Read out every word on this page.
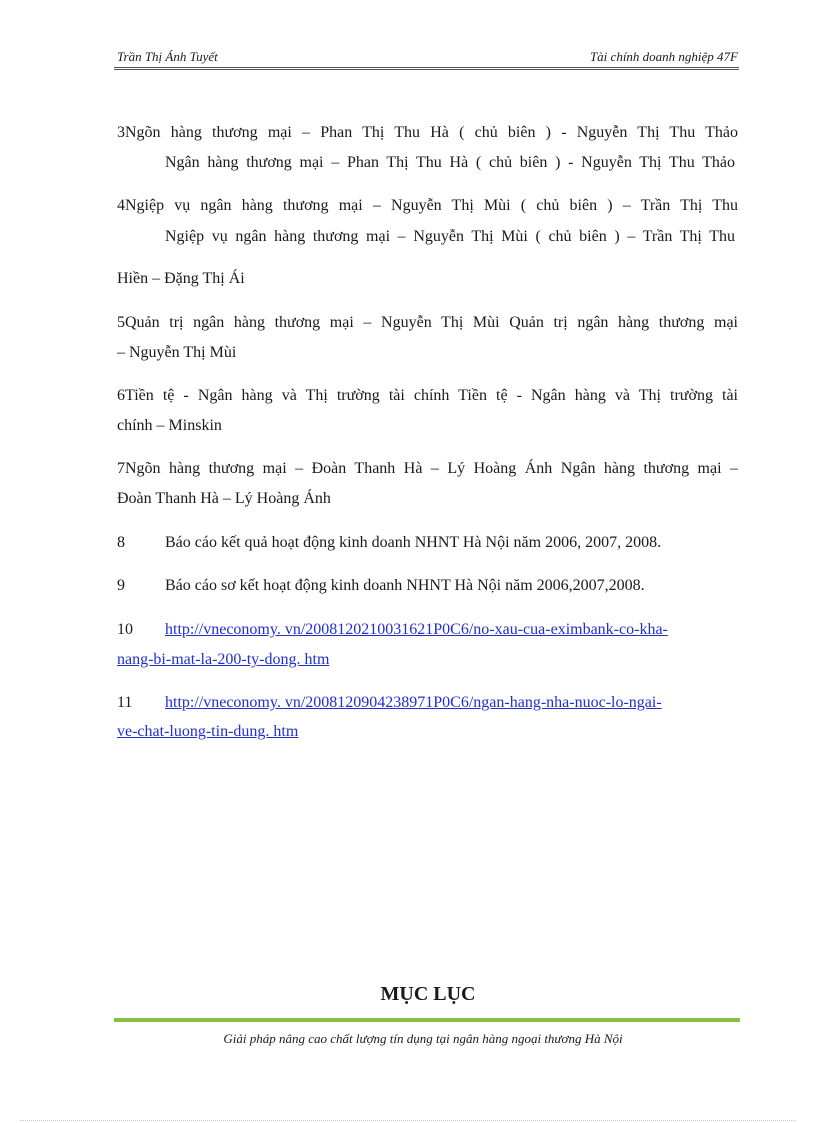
Trần Thị Ánh Tuyết	Tài chính doanh nghiệp 47F
3Ngõn hàng thương mại – Phan Thị Thu Hà ( chủ biên ) - Nguyễn Thị Thu Thảo
Ngân hàng thương mại – Phan Thị Thu Hà ( chủ biên ) - Nguyễn Thị Thu Thảo
4Ngiệp vụ ngân hàng thương mại – Nguyễn Thị Mùi ( chủ biên ) – Trần Thị Thu
Ngiệp vụ ngân hàng thương mại – Nguyễn Thị Mùi ( chủ biên ) – Trần Thị Thu
Hiền – Đặng Thị Ái
5Quản trị ngân hàng thương mại – Nguyễn Thị Mùi Quản trị ngân hàng thương mại
– Nguyễn Thị Mùi
6Tiền tệ - Ngân hàng và Thị trường tài chính Tiền tệ - Ngân hàng và Thị trường tài
chính – Minskin
7Ngõn hàng thương mại – Đoàn Thanh Hà – Lý Hoàng Ánh Ngân hàng thương mại –
Đoàn Thanh Hà – Lý Hoàng Ánh
8	Báo cáo kết quả hoạt động kinh doanh NHNT Hà Nội năm 2006, 2007, 2008.
9	Báo cáo sơ kết hoạt động kinh doanh NHNT Hà Nội năm 2006,2007,2008.
10 http://vneconomy. vn/2008120210031621P0C6/no-xau-cua-eximbank-co-kha-
nang-bi-mat-la-200-ty-dong. htm
11 http://vneconomy. vn/2008120904238971P0C6/ngan-hang-nha-nuoc-lo-ngai-
ve-chat-luong-tin-dung. htm
MỤC LỤC
Giải pháp nâng cao chất lượng tín dụng tại ngân hàng ngoại thương Hà Nội
